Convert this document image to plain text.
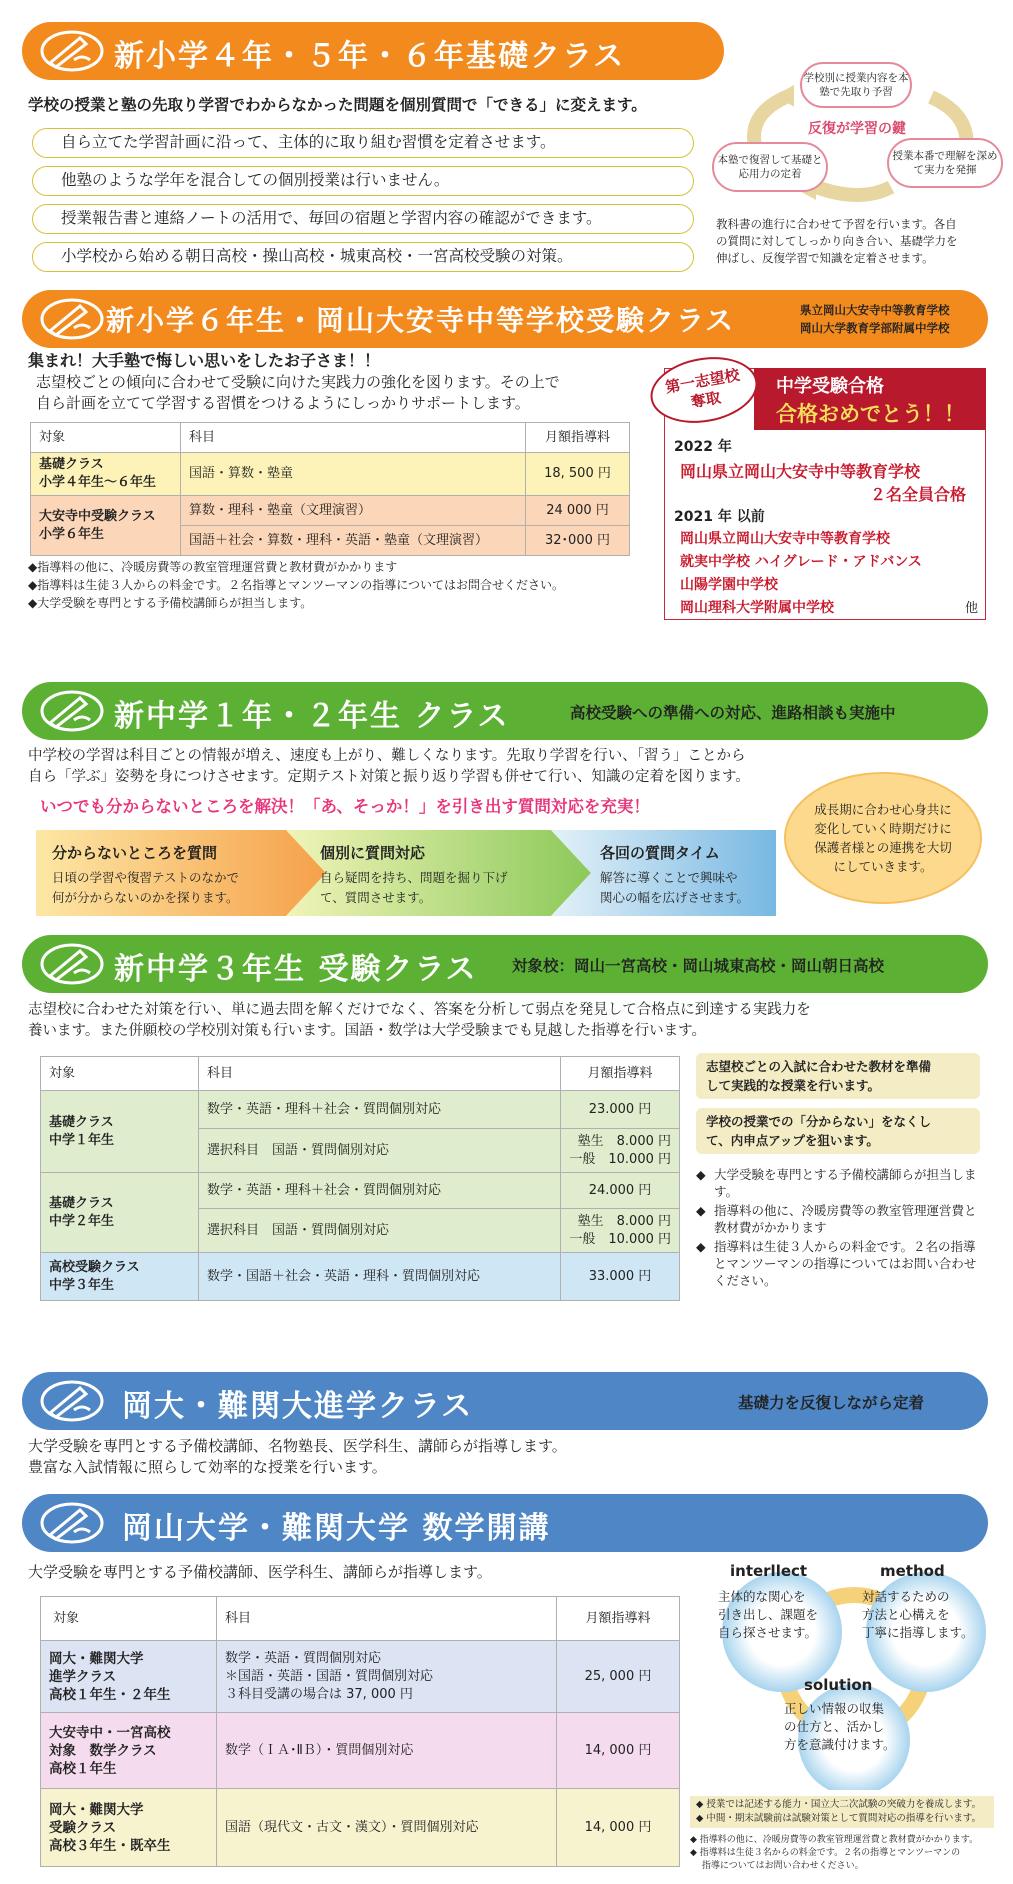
新小学４年・５年・６年基礎クラス
学校の授業と塾の先取り学習でわからなかった問題を個別質問で「できる」に変えます。
自ら立てた学習計画に沿って、主体的に取り組む習慣を定着させます。
他塾のような学年を混合しての個別授業は行いません。
授業報告書と連絡ノートの活用で、毎回の宿題と学習内容の確認ができます。
小学校から始める朝日高校・操山高校・城東高校・一宮高校受験の対策。
学校別に授業内容を本塾で先取り予習
反復が学習の鍵
授業本番で理解を深めて実力を発揮
本塾で復習して基礎と応用力の定着
教科書の進行に合わせて予習を行います。各自
の質問に対してしっかり向き合い、基礎学力を
伸ばし、反復学習で知識を定着させます。
新小学６年生・岡山大安寺中等学校受験クラス	県立岡山大安寺中等教育学校
岡山大学教育学部附属中学校
集まれ！大手塾で悔しい思いをしたお子さま！！
志望校ごとの傾向に合わせて受験に向けた実践力の強化を図ります。その上で
自ら計画を立てて学習する習慣をつけるようにしっかりサポートします。
対象	科目	月額指導料
基礎クラス
小学４年生〜６年生	国語・算数・塾童	18, 500 円
大安寺中受験クラス
小学６年生	算数・理科・塾童（文理演習）	24 000 円
	国語＋社会・算数・理科・英語・塾童（文理演習）	32･000 円
◆指導料の他に、冷暖房費等の教室管理運営費と教材費がかかります
◆指導料は生徒３人からの料金です。２名指導とマンツーマンの指導についてはお問合せください。
◆大学受験を専門とする予備校講師らが担当します。
中学受験合格
合格おめでとう！！
第一志望校
奪取
2022 年
岡山県立岡山大安寺中等教育学校
２名全員合格
2021 年 以前
岡山県立岡山大安寺中等教育学校
就実中学校 ハイグレード・アドバンス
山陽学園中学校
岡山理科大学附属中学校	他
新中学１年・２年生 クラス	高校受験への準備への対応、進路相談も実施中
中学校の学習は科目ごとの情報が増え、速度も上がり、難しくなります。先取り学習を行い、「習う」ことから
自ら「学ぶ」姿勢を身につけさせます。定期テスト対策と振り返り学習も併せて行い、知識の定着を図ります。
いつでも分からないところを解決！「あ、そっか！」を引き出す質問対応を充実！
分からないところを質問
日頃の学習や復習テストのなかで
何が分からないのかを探ります。
個別に質問対応
自ら疑問を持ち、問題を掘り下げ
て、質問させます。
各回の質問タイム
解答に導くことで興味や
関心の幅を広げさせます。
成長期に合わせ心身共に
変化していく時期だけに
保護者様との連携を大切
にしていきます。
新中学３年生 受験クラス 対象校：岡山一宮高校・岡山城東高校・岡山朝日高校
志望校に合わせた対策を行い、単に過去問を解くだけでなく、答案を分析して弱点を発見して合格点に到達する実践力を
養います。また併願校の学校別対策も行います。国語・数学は大学受験までも見越した指導を行います。
対象	科目	月額指導料
基礎クラス
中学１年生	数学・英語・理科＋社会・質問個別対応	23.000 円
	選択科目　国語・質問個別対応	塾生　8.000 円
一般　10.000 円
基礎クラス
中学２年生	数学・英語・理科＋社会・質問個別対応	24.000 円
	選択科目　国語・質問個別対応	塾生　8.000 円
一般　10.000 円
高校受験クラス
中学３年生	数学・国語＋社会・英語・理科・質問個別対応	33.000 円
志望校ごとの入試に合わせた教材を準備
して実践的な授業を行います。
学校の授業での「分からない」をなくし
て、内申点アップを狙います。
◆ 大学受験を専門とする予備校講師らが担当します。
◆ 指導料の他に、冷暖房費等の教室管理運営費と教材費がかかります
◆ 指導料は生徒３人からの料金です。２名の指導とマンツーマンの指導についてはお問い合わせください。
岡大・難関大進学クラス	基礎力を反復しながら定着
大学受験を専門とする予備校講師、名物塾長、医学科生、講師らが指導します。
豊富な入試情報に照らして効率的な授業を行います。
岡山大学・難関大学 数学開講
大学受験を専門とする予備校講師、医学科生、講師らが指導します。
対象	科目	月額指導料
岡大・難関大学
進学クラス
高校１年生・２年生	数学・英語・質問個別対応
＊国語・英語・国語・質問個別対応
３科目受講の場合は 37, 000 円	25, 000 円
大安寺中・一宮高校
対象　数学クラス
高校１年生	数学（ＩＡ･ⅡＢ）・質問個別対応	14, 000 円
岡大・難関大学
受験クラス
高校３年生・既卒生	国語（現代文・古文・漢文）・質問個別対応	14, 000 円
interllect
主体的な関心を
引き出し、課題を
自ら探させます。
method
対話するための
方法と心構えを
丁寧に指導します。
solution
正しい情報の収集
の仕方と、活かし
方を意識付けます。
◆ 授業では記述する能力・国立大二次試験の突破力を養成します。
◆ 中間・期末試験前は試験対策として質問対応の指導を行います。
◆ 指導料の他に、冷暖房費等の教室管理運営費と教材費がかかります。
◆ 指導料は生徒３名からの料金です。２名の指導とマンツーマンの
　 指導についてはお問い合わせください。
